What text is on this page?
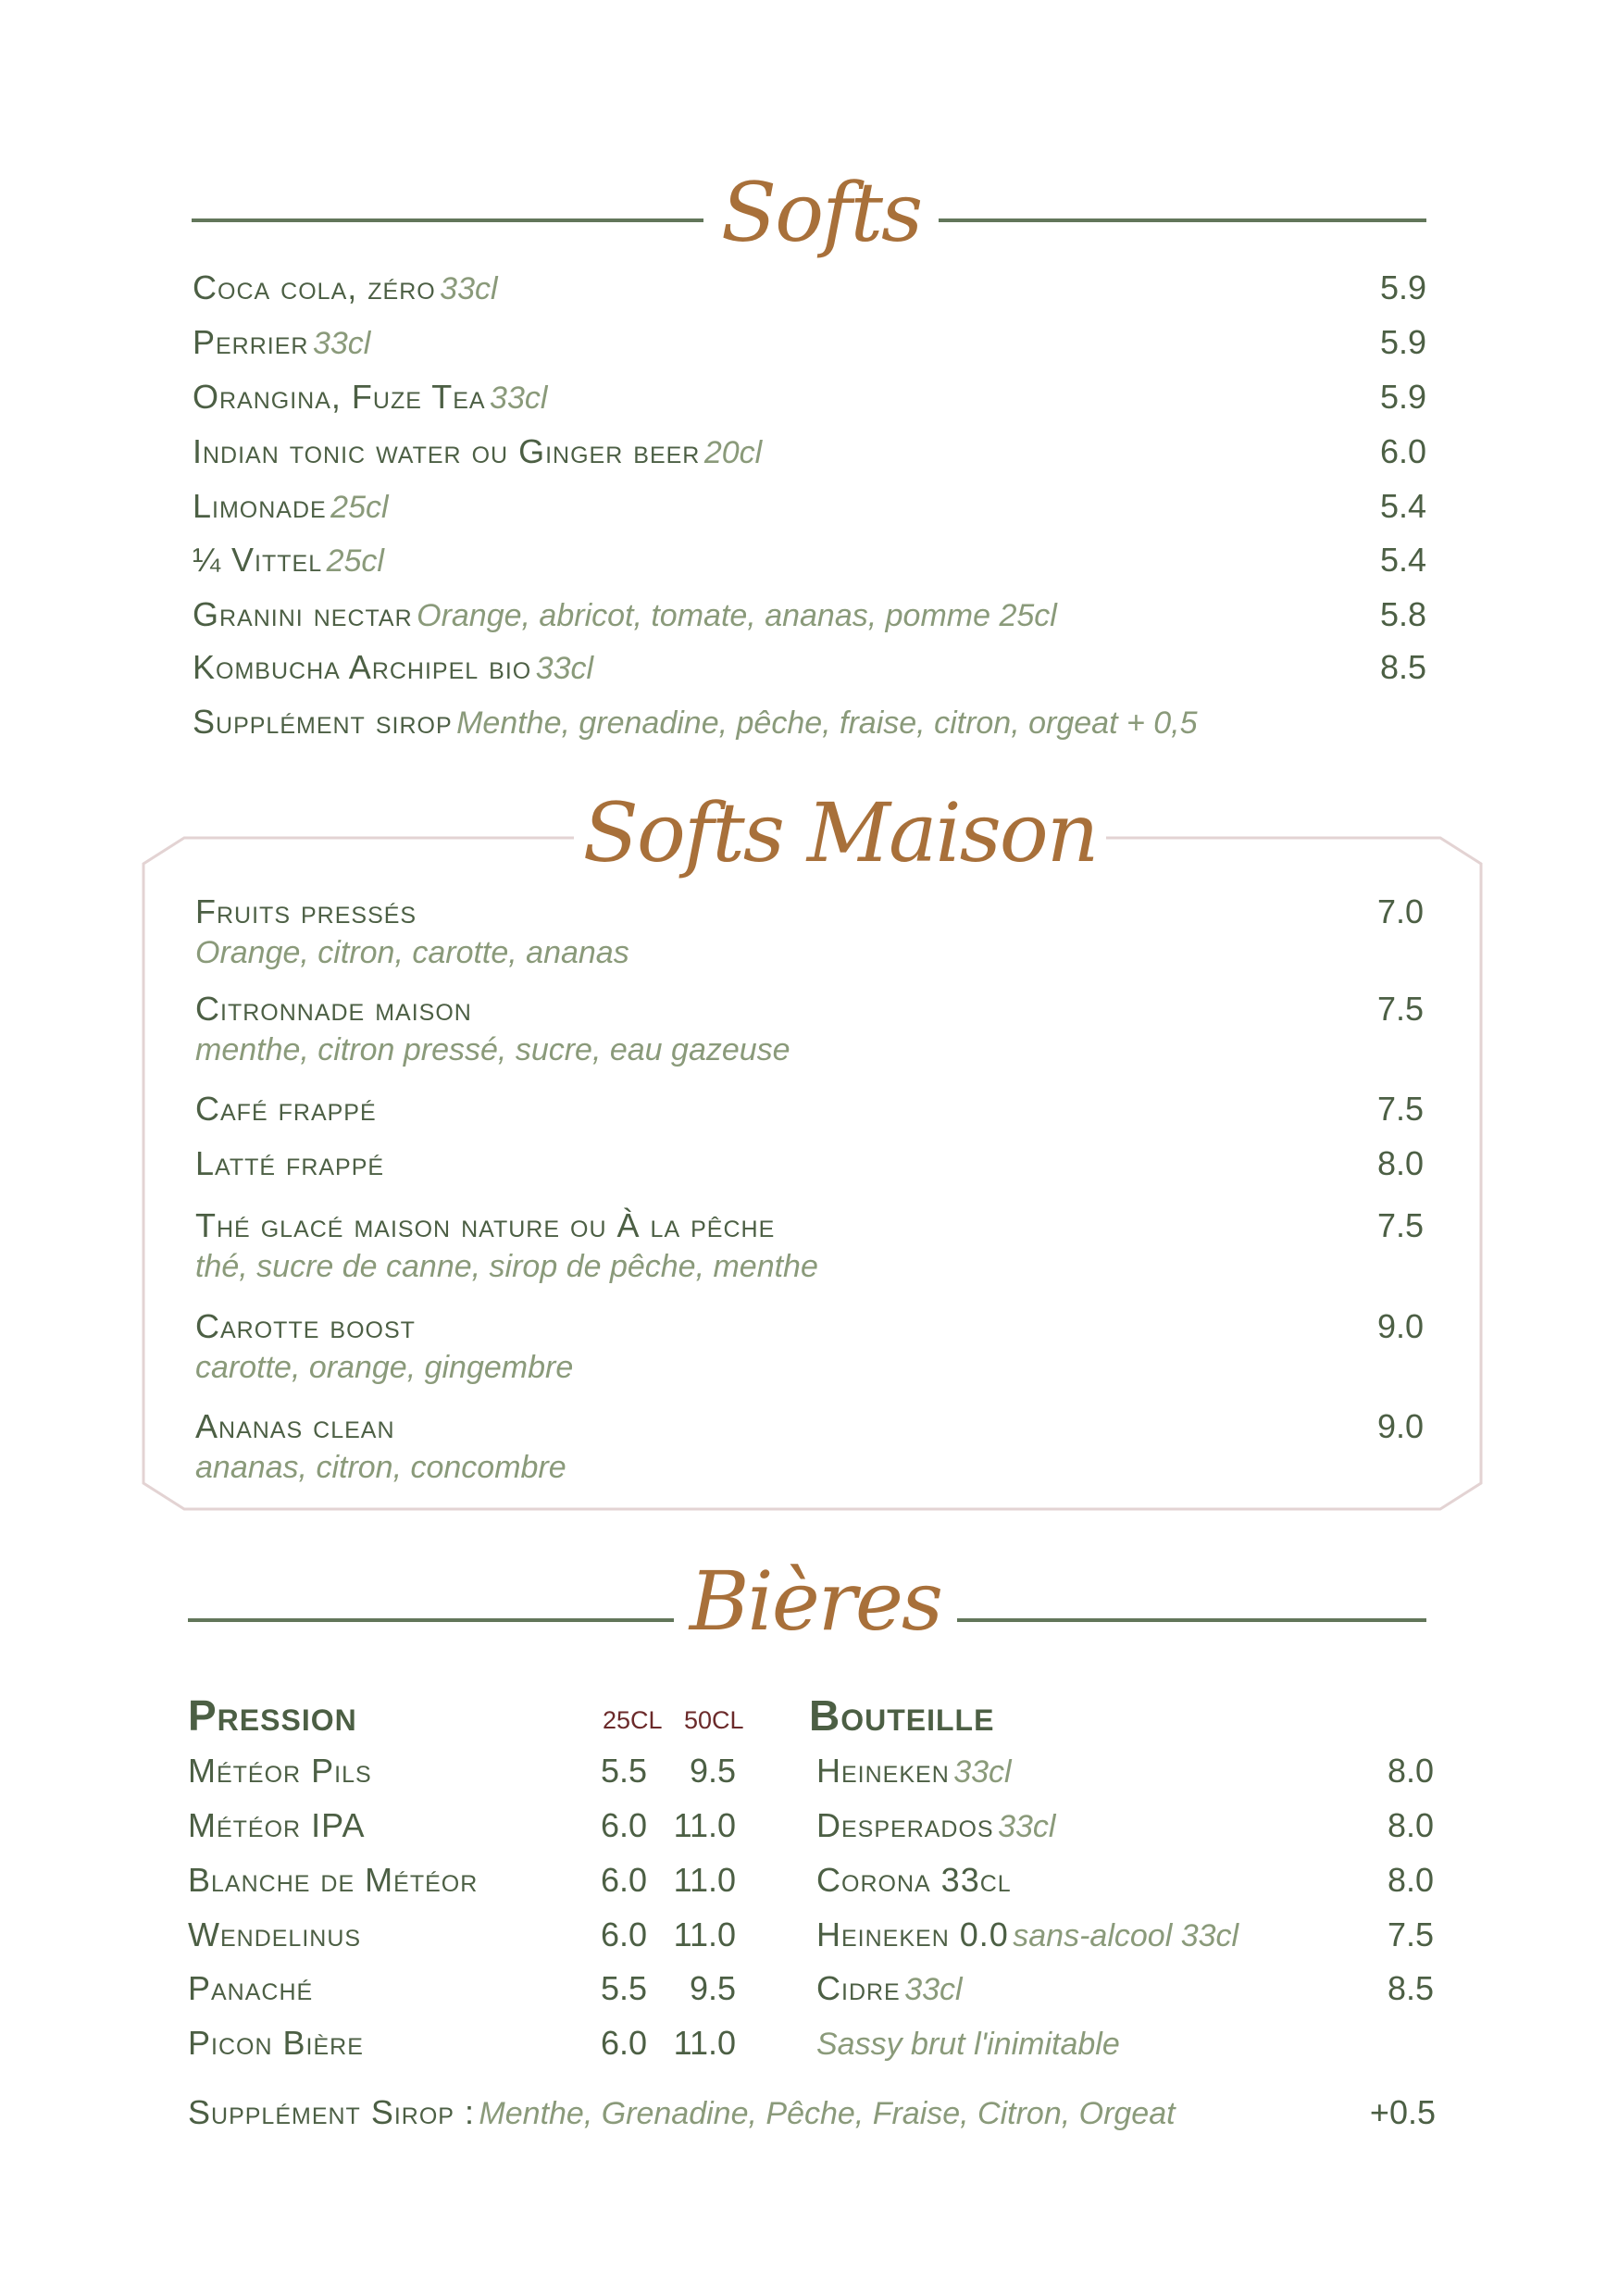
Softs
Coca cola, zéro 33cl	5.9
Perrier 33cl	5.9
Orangina, Fuze Tea 33cl	5.9
Indian tonic water ou Ginger beer 20cl	6.0
Limonade 25cl	5.4
¼ Vittel 25cl	5.4
Granini nectar Orange, abricot, tomate, ananas, pomme 25cl	5.8
Kombucha Archipel bio 33cl	8.5
Supplément sirop Menthe, grenadine, pêche, fraise, citron, orgeat + 0,5
Softs Maison
Fruits pressés	7.0
Orange, citron, carotte, ananas
Citronnade maison	7.5
menthe, citron pressé, sucre, eau gazeuse
Café frappé	7.5
Latté frappé	8.0
Thé glacé maison nature ou À la pêche	7.5
thé, sucre de canne, sirop de pêche, menthe
Carotte boost	9.0
carotte, orange, gingembre
Ananas clean	9.0
ananas, citron, concombre
Bières
Pression	25CL 50CL Bouteille
Météor Pils	5.5	9.5
Météor IPA	6.0 11.0
Blanche de Météor	6.0 11.0
Wendelinus	6.0 11.0
Panaché	5.5	9.5
Picon Bière	6.0 11.0
Heineken 33cl	8.0
Desperados 33cl	8.0
Corona 33cl	8.0
Heineken 0.0 sans-alcool 33cl	7.5
Cidre 33cl	8.5
Sassy brut l'inimitable
Supplément Sirop : Menthe, Grenadine, Pêche, Fraise, Citron, Orgeat	+0.5
